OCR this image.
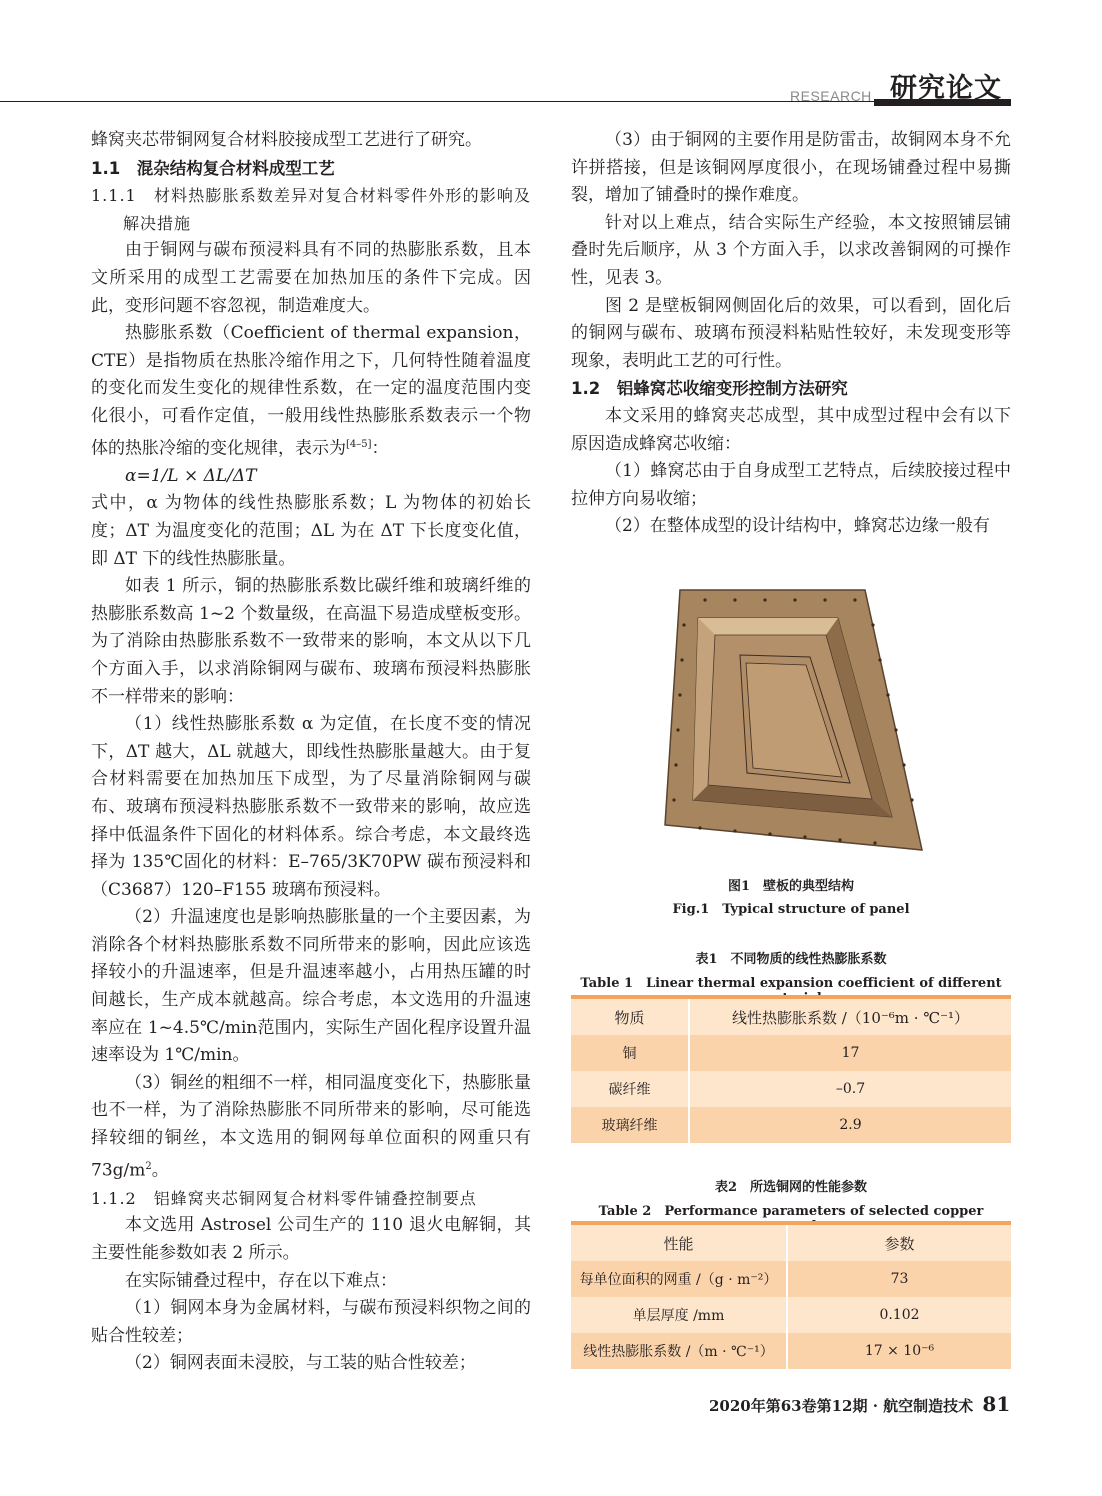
RESEARCH 研究论文

蜂窝夹芯带铜网复合材料胶接成型工艺进行了研究。

1.1　 混杂结构复合材料成型工艺

1.1.1　材料热膨胀系数差异对复合材料零件外形的影响及解决措施

由于铜网与碳布预浸料具有不同的热膨胀系数，且本文所采用的成型工艺需要在加热加压的条件下完成。因此，变形问题不容忽视，制造难度大。

热膨胀系数（Coefficient of thermal expansion，CTE）是指物质在热胀冷缩作用之下，几何特性随着温度的变化而发生变化的规律性系数，在一定的温度范围内变化很小，可看作定值，一般用线性热膨胀系数表示一个物体的热胀冷缩的变化规律，表示为[4–5]：

α=1/L × ΔL/ΔT

式中，α 为物体的线性热膨胀系数；L 为物体的初始长度；ΔT 为温度变化的范围；ΔL 为在 ΔT 下长度变化值，即 ΔT 下的线性热膨胀量。

如表 1 所示，铜的热膨胀系数比碳纤维和玻璃纤维的热膨胀系数高 1~2 个数量级，在高温下易造成壁板变形。为了消除由热膨胀系数不一致带来的影响，本文从以下几个方面入手，以求消除铜网与碳布、玻璃布预浸料热膨胀不一样带来的影响：

（1）线性热膨胀系数 α 为定值，在长度不变的情况下，ΔT 越大，ΔL 就越大，即线性热膨胀量越大。由于复合材料需要在加热加压下成型，为了尽量消除铜网与碳布、玻璃布预浸料热膨胀系数不一致带来的影响，故应选择中低温条件下固化的材料体系。综合考虑，本文最终选择为 135℃固化的材料：E–765/3K70PW 碳布预浸料和（C3687）120–F155 玻璃布预浸料。

（2）升温速度也是影响热膨胀量的一个主要因素，为消除各个材料热膨胀系数不同所带来的影响，因此应该选择较小的升温速率，但是升温速率越小，占用热压罐的时间越长，生产成本就越高。综合考虑，本文选用的升温速率应在 1~4.5℃/min范围内，实际生产固化程序设置升温速率设为 1℃/min。

（3）铜丝的粗细不一样，相同温度变化下，热膨胀量也不一样，为了消除热膨胀不同所带来的影响，尽可能选择较细的铜丝，本文选用的铜网每单位面积的网重只有 $73g/m^2$。

1.1.2　铝蜂窝夹芯铜网复合材料零件铺叠控制要点

本文选用 Astrosel 公司生产的 110 退火电解铜，其主要性能参数如表 2 所示。

在实际铺叠过程中，存在以下难点：

（1）铜网本身为金属材料，与碳布预浸料织物之间的贴合性较差；

（2）铜网表面未浸胶，与工装的贴合性较差；

（3）由于铜网的主要作用是防雷击，故铜网本身不允许拼搭接，但是该铜网厚度很小，在现场铺叠过程中易撕裂，增加了铺叠时的操作难度。

针对以上难点，结合实际生产经验，本文按照铺层铺叠时先后顺序，从 3 个方面入手，以求改善铜网的可操作性，见表 3。

图 2 是壁板铜网侧固化后的效果，可以看到，固化后的铜网与碳布、玻璃布预浸料粘贴性较好，未发现变形等现象，表明此工艺的可行性。

1.2　 铝蜂窝芯收缩变形控制方法研究

本文采用的蜂窝夹芯成型，其中成型过程中会有以下原因造成蜂窝芯收缩：

（1）蜂窝芯由于自身成型工艺特点，后续胶接过程中拉伸方向易收缩；

（2）在整体成型的设计结构中，蜂窝芯边缘一般有

图1　壁板的典型结构
Fig.1　Typical structure of panel
表1　不同物质的线性热膨胀系数
Table 1　Linear thermal expansion coefficient of different
物质	线性热膨胀系数 /（10⁻⁶m · ℃⁻¹）
铜	17
碳纤维	–0.7
玻璃纤维	2.9
表2　所选铜网的性能参数
Table 2　Performance parameters of selected copper
性能	参数
每单位面积的网重 /（g · m⁻²）	73
单层厚度 /mm	0.102
线性热膨胀系数 /（m · ℃⁻¹）	17 × 10⁻⁶
2020年第63卷第12期 · 航空制造技术 81
